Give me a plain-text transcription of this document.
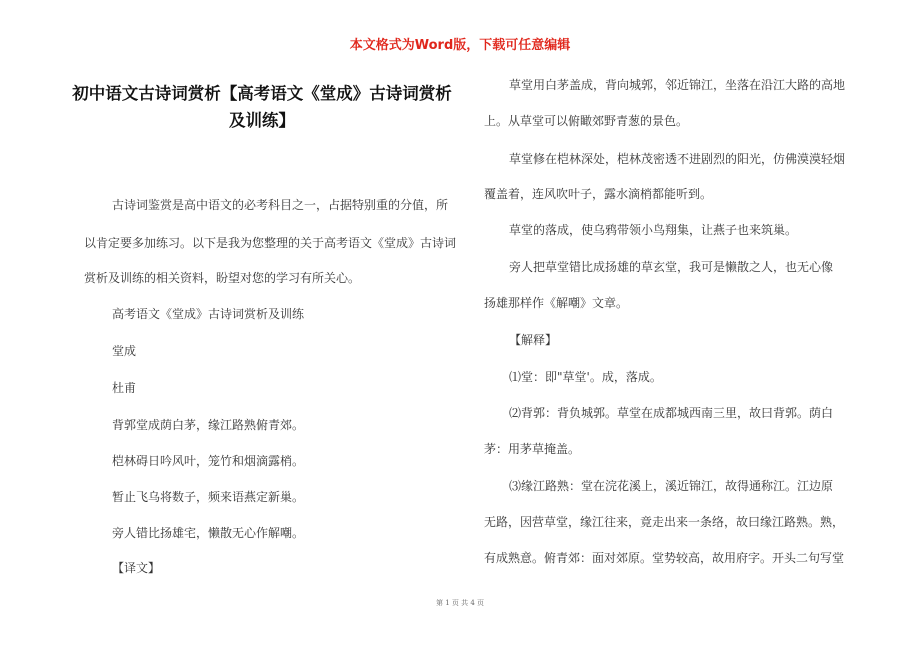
本文格式为Word版，下载可任意编辑
初中语文古诗词赏析【高考语文《堂成》古诗词赏析
及训练】
古诗词鉴赏是高中语文的必考科目之一，占据特别重的分值，所
以肯定要多加练习。以下是我为您整理的关于高考语文《堂成》古诗词
赏析及训练的相关资料，盼望对您的学习有所关心。
高考语文《堂成》古诗词赏析及训练
堂成
杜甫
背郭堂成荫白茅，缘江路熟俯青郊。
桤林碍日吟风叶，笼竹和烟滴露梢。
暂止飞乌将数子，频来语燕定新巢。
旁人错比扬雄宅，懒散无心作解嘲。
【译文】
草堂用白茅盖成，背向城郭，邻近锦江，坐落在沿江大路的高地
上。从草堂可以俯瞰郊野青葱的景色。
草堂修在桤林深处，桤林茂密透不进剧烈的阳光，仿佛漠漠轻烟
覆盖着，连风吹叶子，露水滴梢都能听到。
草堂的落成，使乌鸦带领小鸟翔集，让燕子也来筑巢。
旁人把草堂错比成扬雄的草玄堂，我可是懒散之人，也无心像
扬雄那样作《解嘲》文章。
【解释】
⑴堂：即"草堂'。成，落成。
⑵背郭：背负城郭。草堂在成都城西南三里，故曰背郭。荫白
茅：用茅草掩盖。
⑶缘江路熟：堂在浣花溪上，溪近锦江，故得通称江。江边原
无路，因营草堂，缘江往来，竟走出来一条络，故曰缘江路熟。熟，
有成熟意。俯青郊：面对郊原。堂势较高，故用府字。开头二句写堂
第 1 页 共 4 页
